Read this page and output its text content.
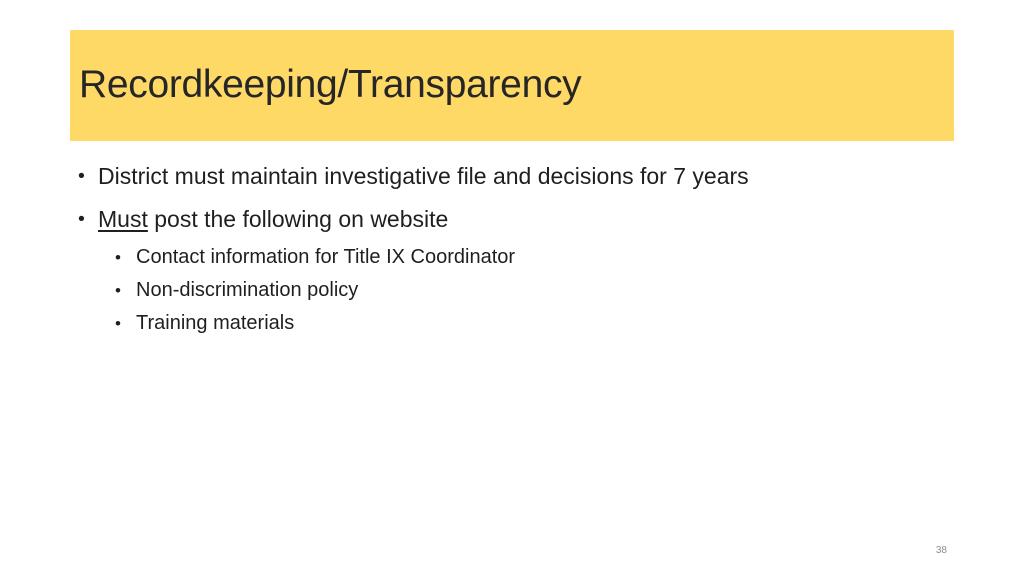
Recordkeeping/Transparency
• District must maintain investigative file and decisions for 7 years
• Must post the following on website
• Contact information for Title IX Coordinator
• Non-discrimination policy
• Training materials
38
